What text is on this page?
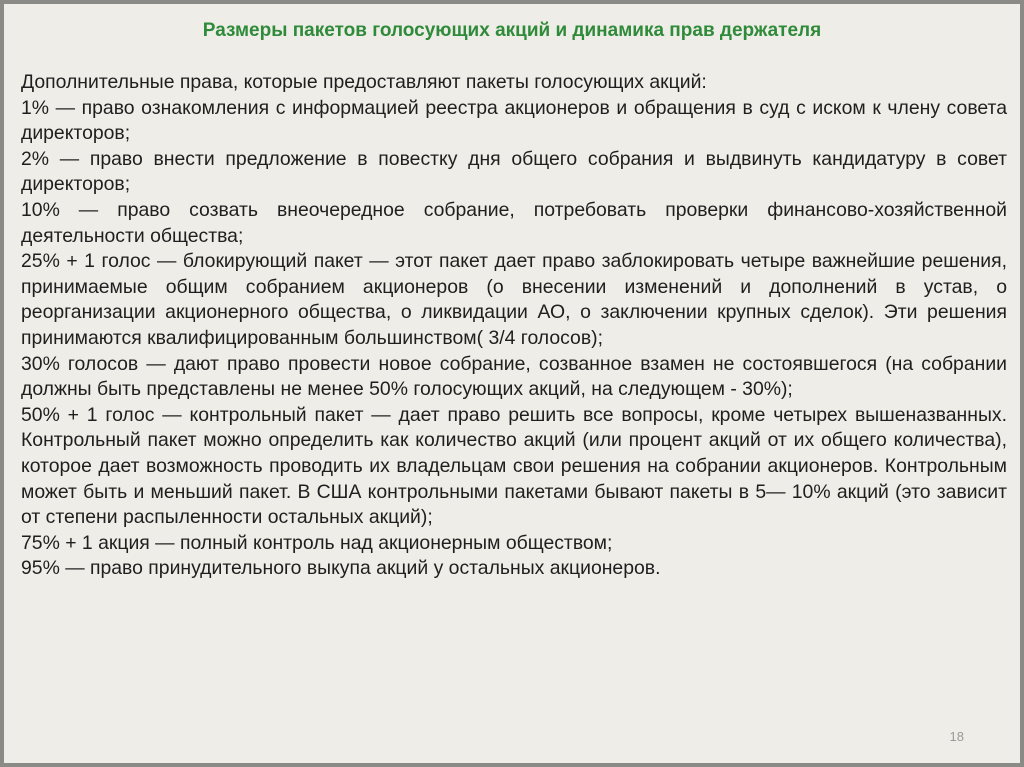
Размеры пакетов голосующих акций и динамика прав держателя

Дополнительные права, которые предоставляют пакеты голосующих акций:

1% — право ознакомления с информацией реестра акционеров и обращения в суд с иском к члену совета директоров;

2% — право внести предложение в повестку дня общего собрания и выдвинуть кандидатуру в совет директоров;

10% — право созвать внеочередное собрание, потребовать проверки финансово-хозяйственной деятельности общества;

25% + 1 голос — блокирующий пакет — этот пакет дает право заблокировать четыре важнейшие решения, принимаемые общим собранием акционеров (о внесении изменений и дополнений в устав, о реорганизации акционерного общества, о ликвидации АО, о заключении крупных сделок). Эти решения принимаются квалифицированным большинством( 3/4 голосов);

30% голосов — дают право провести новое собрание, созванное взамен не состоявшегося (на собрании должны быть представлены не менее 50% голосующих акций, на следующем - 30%);

50% + 1 голос — контрольный пакет — дает право решить все вопросы, кроме четырех вышеназванных. Контрольный пакет можно определить как количество акций (или процент акций от их общего количества), которое дает возможность проводить их владельцам свои решения на собрании акционеров. Контрольным может быть и меньший пакет. В США контрольными пакетами бывают пакеты в 5— 10% акций (это зависит от степени распыленности остальных акций);

75% + 1 акция — полный контроль над акционерным обществом;

95% — право принудительного выкупа акций у остальных акционеров.

18
